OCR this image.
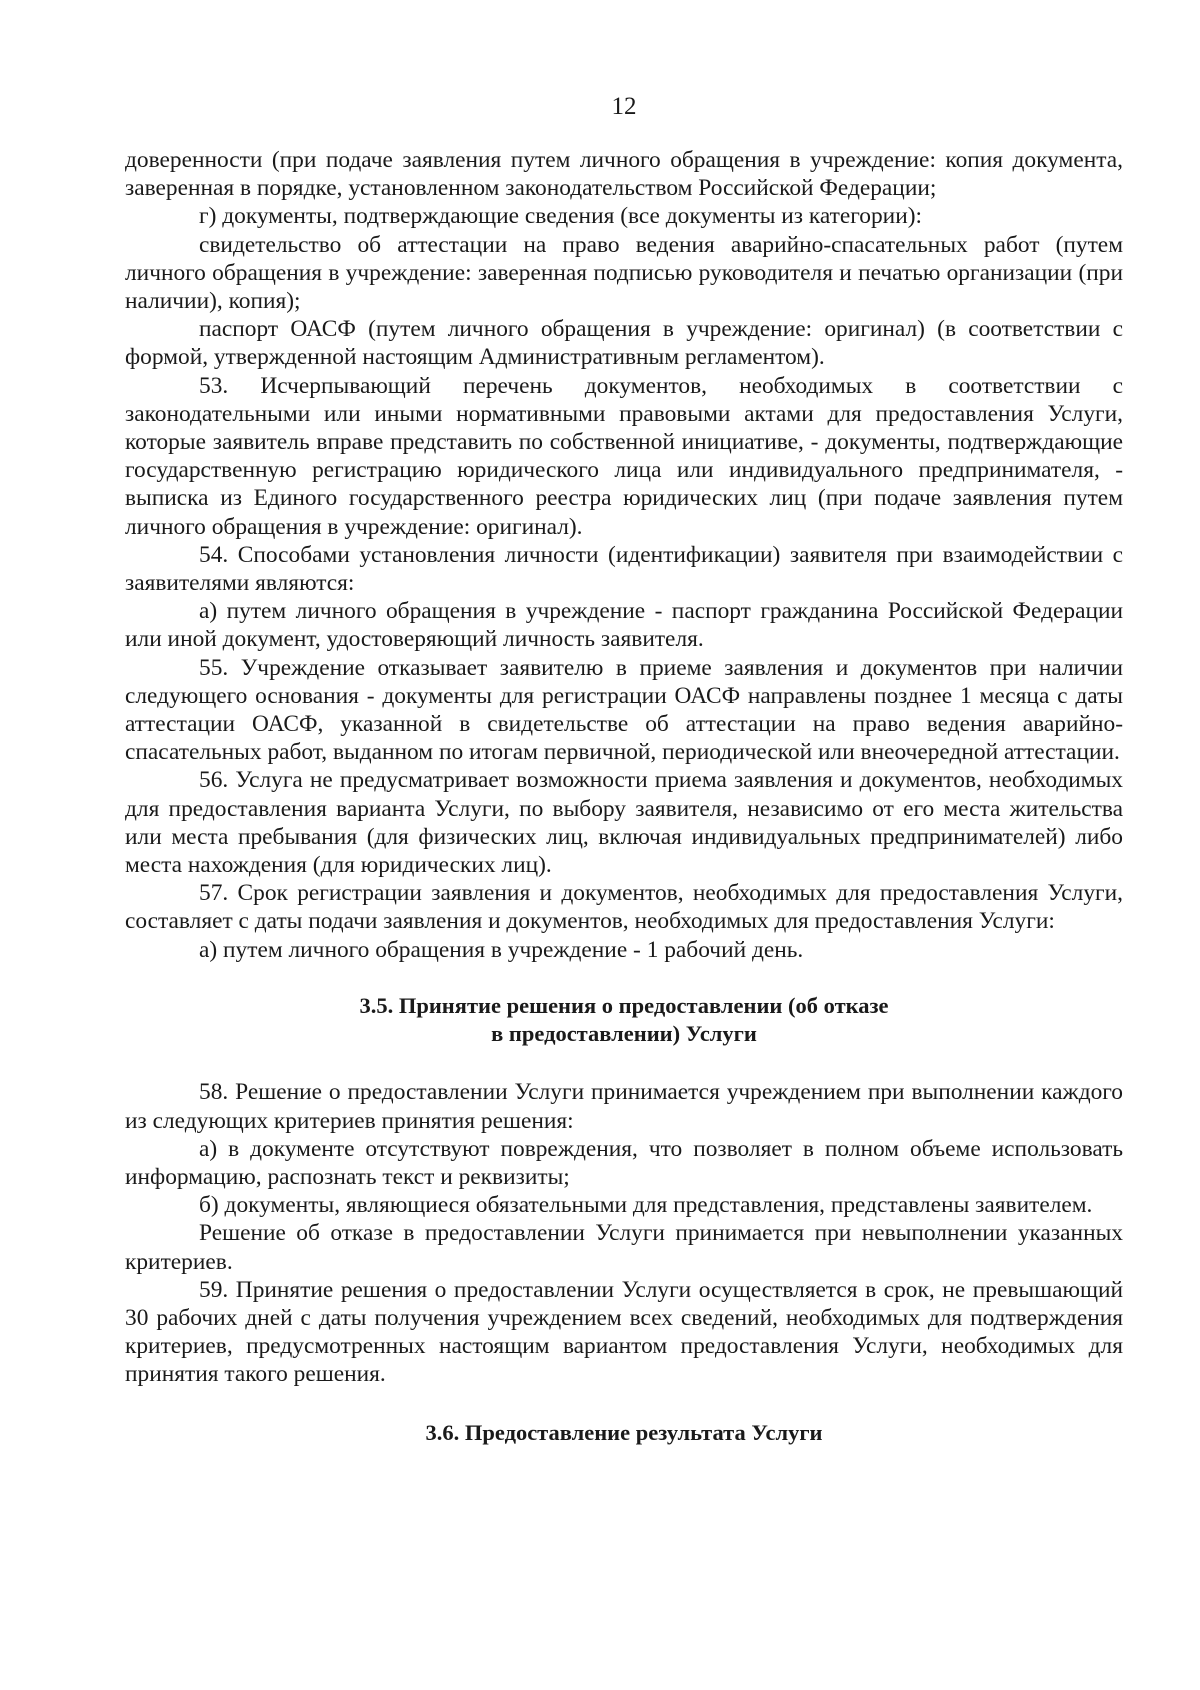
12

доверенности (при подаче заявления путем личного обращения в учреждение: копия документа, заверенная в порядке, установленном законодательством Российской Федерации;

г) документы, подтверждающие сведения (все документы из категории):

свидетельство об аттестации на право ведения аварийно-спасательных работ (путем личного обращения в учреждение: заверенная подписью руководителя и печатью организации (при наличии), копия);

паспорт ОАСФ (путем личного обращения в учреждение: оригинал) (в соответствии с формой, утвержденной настоящим Административным регламентом).

53. Исчерпывающий перечень документов, необходимых в соответствии с законодательными или иными нормативными правовыми актами для предоставления Услуги, которые заявитель вправе представить по собственной инициативе, - документы, подтверждающие государственную регистрацию юридического лица или индивидуального предпринимателя, - выписка из Единого государственного реестра юридических лиц (при подаче заявления путем личного обращения в учреждение: оригинал).

54. Способами установления личности (идентификации) заявителя при взаимодействии с заявителями являются:

а) путем личного обращения в учреждение - паспорт гражданина Российской Федерации или иной документ, удостоверяющий личность заявителя.

55. Учреждение отказывает заявителю в приеме заявления и документов при наличии следующего основания - документы для регистрации ОАСФ направлены позднее 1 месяца с даты аттестации ОАСФ, указанной в свидетельстве об аттестации на право ведения аварийно-спасательных работ, выданном по итогам первичной, периодической или внеочередной аттестации.

56. Услуга не предусматривает возможности приема заявления и документов, необходимых для предоставления варианта Услуги, по выбору заявителя, независимо от его места жительства или места пребывания (для физических лиц, включая индивидуальных предпринимателей) либо места нахождения (для юридических лиц).

57. Срок регистрации заявления и документов, необходимых для предоставления Услуги, составляет с даты подачи заявления и документов, необходимых для предоставления Услуги:

а) путем личного обращения в учреждение - 1 рабочий день.

3.5. Принятие решения о предоставлении (об отказе
в предоставлении) Услуги

58. Решение о предоставлении Услуги принимается учреждением при выполнении каждого из следующих критериев принятия решения:

а) в документе отсутствуют повреждения, что позволяет в полном объеме использовать информацию, распознать текст и реквизиты;

б) документы, являющиеся обязательными для представления, представлены заявителем.

Решение об отказе в предоставлении Услуги принимается при невыполнении указанных критериев.

59. Принятие решения о предоставлении Услуги осуществляется в срок, не превышающий 30 рабочих дней с даты получения учреждением всех сведений, необходимых для подтверждения критериев, предусмотренных настоящим вариантом предоставления Услуги, необходимых для принятия такого решения.

3.6. Предоставление результата Услуги
